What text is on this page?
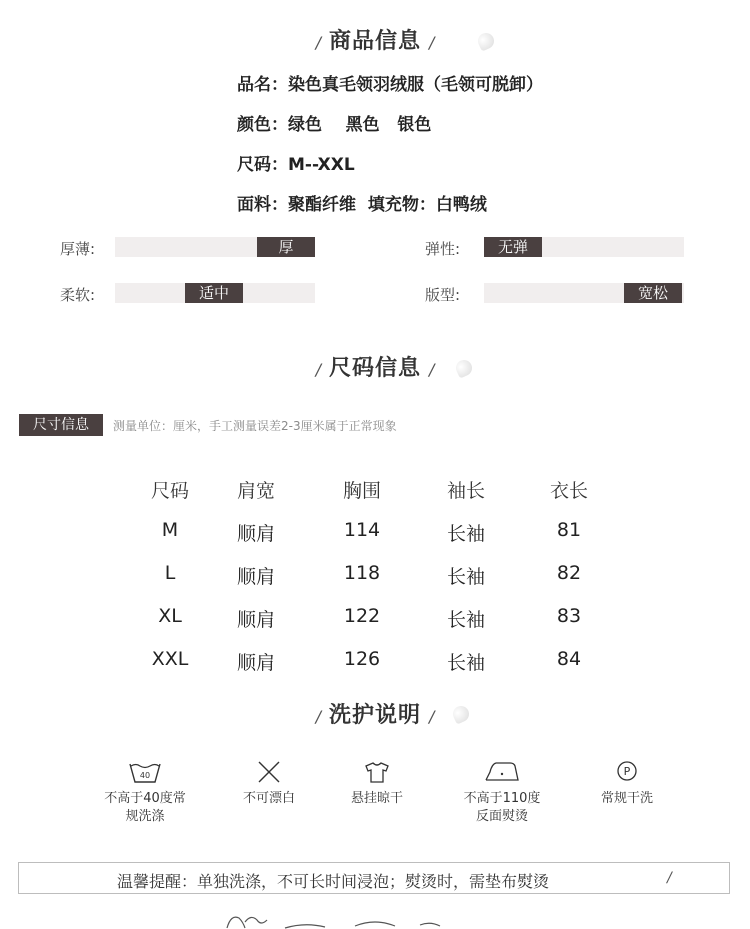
/ 商品信息 /
品名：染色真毛领羽绒服（毛领可脱卸）
颜色：绿色    黑色   银色
尺码：M--XXL
面料：聚酯纤维  填充物：白鸭绒
厚薄:	厚	弹性:	无弹
柔软:	适中	版型:	宽松
/ 尺码信息 /
尺寸信息	测量单位：厘米，手工测量误差2-3厘米属于正常现象
尺码	肩宽	胸围	袖长	衣长
M	顺肩	114	长袖	81
L	顺肩	118	长袖	82
XL	顺肩	122	长袖	83
XXL	顺肩	126	长袖	84
/ 洗护说明 /
40
不高于40度常
规洗涤
不可漂白	悬挂晾干	不高于110度
反面熨烫
P
常规干洗
温馨提醒：单独洗涤，不可长时间浸泡；熨烫时，需垫布熨烫	/
